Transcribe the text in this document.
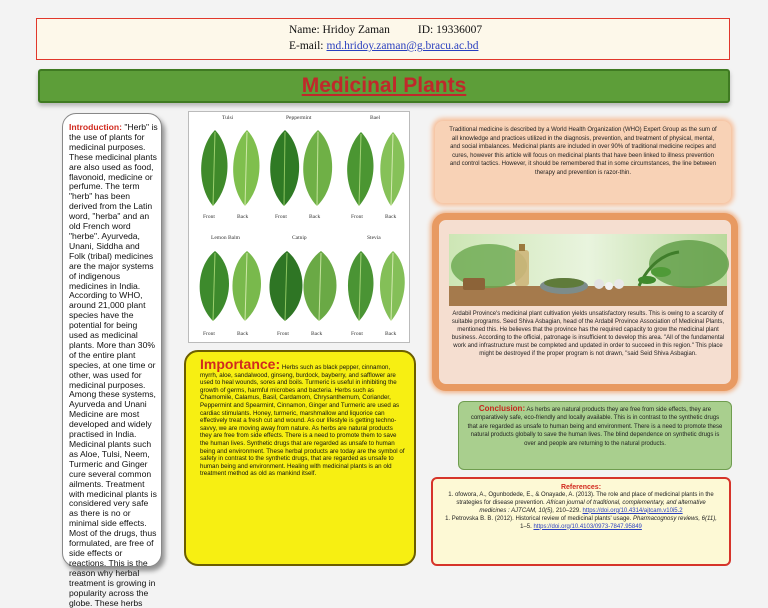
Name: Hridoy Zaman ID: 19336007
E-mail: md.hridoy.zaman@g.bracu.ac.bd
Medicinal Plants
Introduction: "Herb" is the use of plants for medicinal purposes. These medicinal plants are also used as food, flavonoid, medicine or perfume. The term "herb" has been derived from the Latin word, "herba" and an old French word "herbe". Ayurveda, Unani, Siddha and Folk (tribal) medicines are the major systems of indigenous medicines in India. According to WHO, around 21,000 plant species have the potential for being used as medicinal plants. More than 30% of the entire plant species, at one time or other, was used for medicinal purposes. Among these systems, Ayurveda and Unani Medicine are most developed and widely practised in India. Medicinal plants such as Aloe, Tulsi, Neem, Turmeric and Ginger cure several common ailments. Treatment with medicinal plants is considered very safe as there is no or minimal side effects. Most of the drugs, thus formulated, are free of side effects or reactions. This is the reason why herbal treatment is growing in popularity across the globe. These herbs
Tulsi	Peppermint	Bael
Front	Back	Front	Back	Front	Back
Lemon Balm	Catnip	Stevia
Front	Back	Front	Back	Front	Back
Importance: Herbs such as black pepper, cinnamon, myrrh, aloe, sandalwood, ginseng, burdock, bayberry, and safflower are used to heal wounds, sores and boils. Turmeric is useful in inhibiting the growth of germs, harmful microbes and bacteria. Herbs such as Chamomile, Calamus, Basil, Cardamom, Chrysanthemum, Coriander, Peppermint and Spearmint, Cinnamon, Ginger and Turmeric are used as cardiac stimulants. Honey, turmeric, marshmallow and liquorice can effectively treat a fresh cut and wound. As our lifestyle is getting techno-savvy, we are moving away from nature. As herbs are natural products they are free from side effects. There is a need to promote them to save the human lives. Synthetic drugs that are regarded as unsafe to human being and environment. These herbal products are today are the symbol of safety in contrast to the synthetic drugs, that are regarded as unsafe to human being and environment. Healing with medicinal plants is an old treatment method as old as mankind itself.
Traditional medicine is described by a World Health Organization (WHO) Expert Group as the sum of all knowledge and practices utilized in the diagnosis, prevention, and treatment of physical, mental, and social imbalances. Medicinal plants are included in over 90% of traditional medicine recipes and cures, however this article will focus on medicinal plants that have been linked to illness prevention and control tactics. However, it should be remembered that in some circumstances, the line between therapy and prevention is razor-thin.
Ardabil Province's medicinal plant cultivation yields unsatisfactory results. This is owing to a scarcity of suitable programs. Seed Shiva Asbagian, head of the Ardabil Province Association of Medicinal Plants, mentioned this. He believes that the province has the required capacity to grow the medicinal plant business. According to the official, patronage is insufficient to develop this area. "All of the fundamental work and infrastructure must be completed and updated in order to succeed in this region." This place might be destroyed if the proper program is not drawn, "said Seid Shiva Asbagian.
Conclusion: As herbs are natural products they are free from side effects, they are comparatively safe, eco-friendly and locally available. This is in contrast to the synthetic drugs that are regarded as unsafe to human being and environment. There is a need to promote these natural products globally to save the human lives. The blind dependence on synthetic drugs is over and people are returning to the natural products.
References:
1. ofowora, A., Ogunbodede, E., & Onayade, A. (2013). The role and place of medicinal plants in the strategies for disease prevention. African journal of traditional, complementary, and alternative medicines : AJTCAM, 10(5), 210–229. https://doi.org/10.4314/ajtcam.v10i5.2
1. Petrovska B. B. (2012). Historical review of medicinal plants' usage. Pharmacognosy reviews, 6(11), 1–5. https://doi.org/10.4103/0973-7847.95849
